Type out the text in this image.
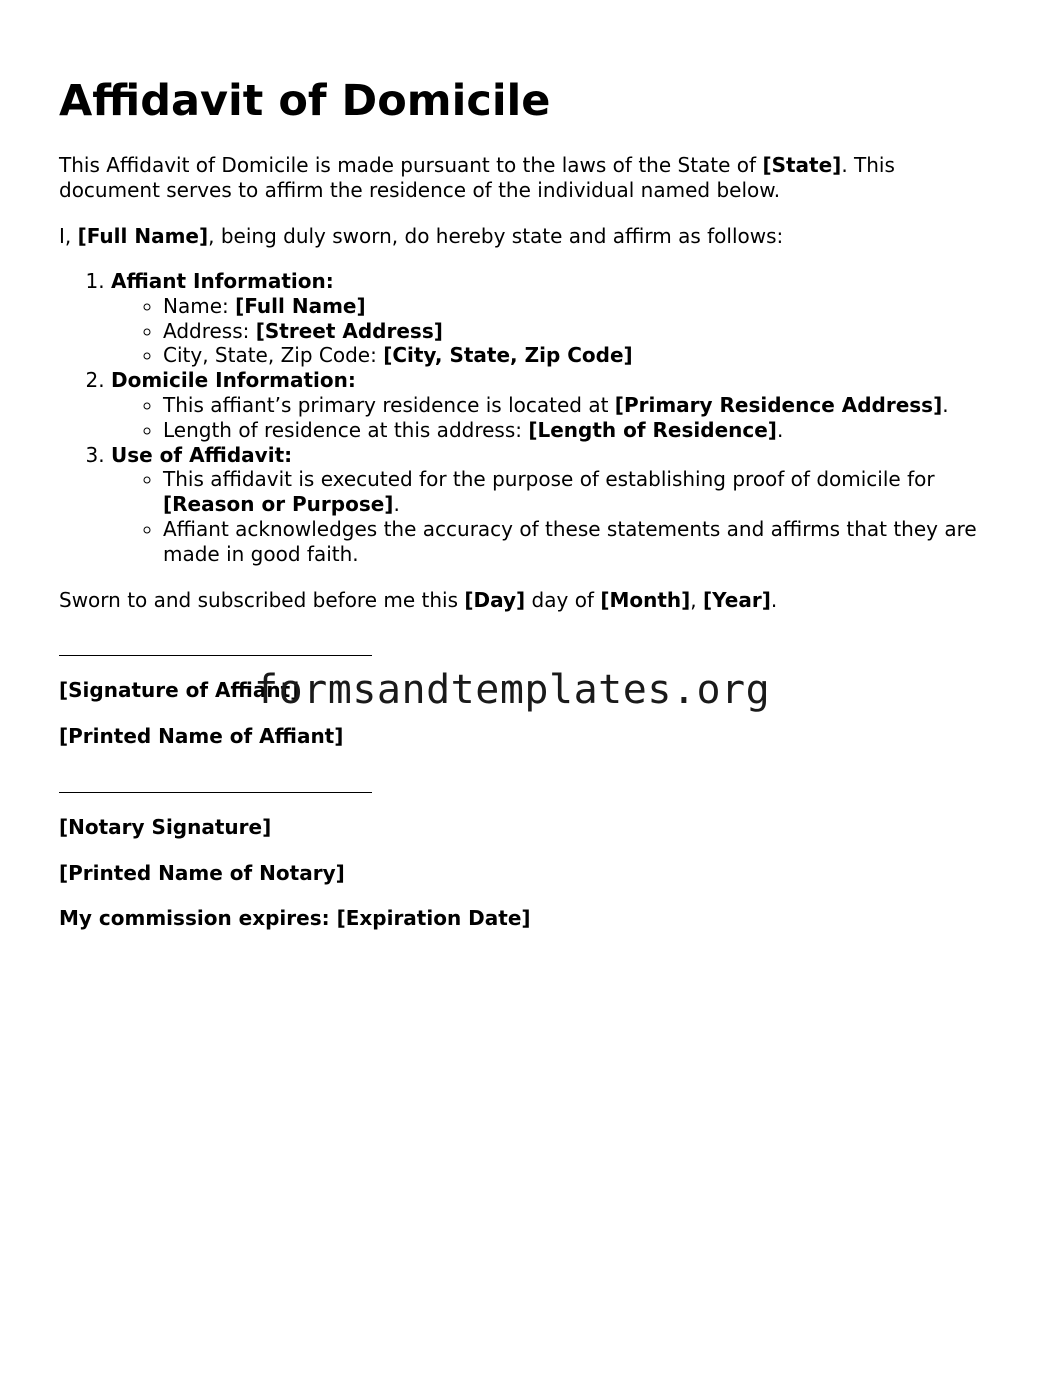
Affidavit of Domicile

This Affidavit of Domicile is made pursuant to the laws of the State of [State]. This document serves to affirm the residence of the individual named below.

I, [Full Name], being duly sworn, do hereby state and affirm as follows:

1. Affiant Information:
◦ Name: [Full Name]
◦ Address: [Street Address]
◦ City, State, Zip Code: [City, State, Zip Code]
2. Domicile Information:
◦ This affiant’s primary residence is located at [Primary Residence Address].
◦ Length of residence at this address: [Length of Residence].
3. Use of Affidavit:
◦ This affidavit is executed for the purpose of establishing proof of domicile for [Reason or Purpose].
◦ Affiant acknowledges the accuracy of these statements and affirms that they are made in good faith.

Sworn to and subscribed before me this [Day] day of [Month], [Year].

[Signature of Affiant]

[Printed Name of Affiant]

[Notary Signature]

[Printed Name of Notary]

My commission expires: [Expiration Date]

formsandtemplates.org
